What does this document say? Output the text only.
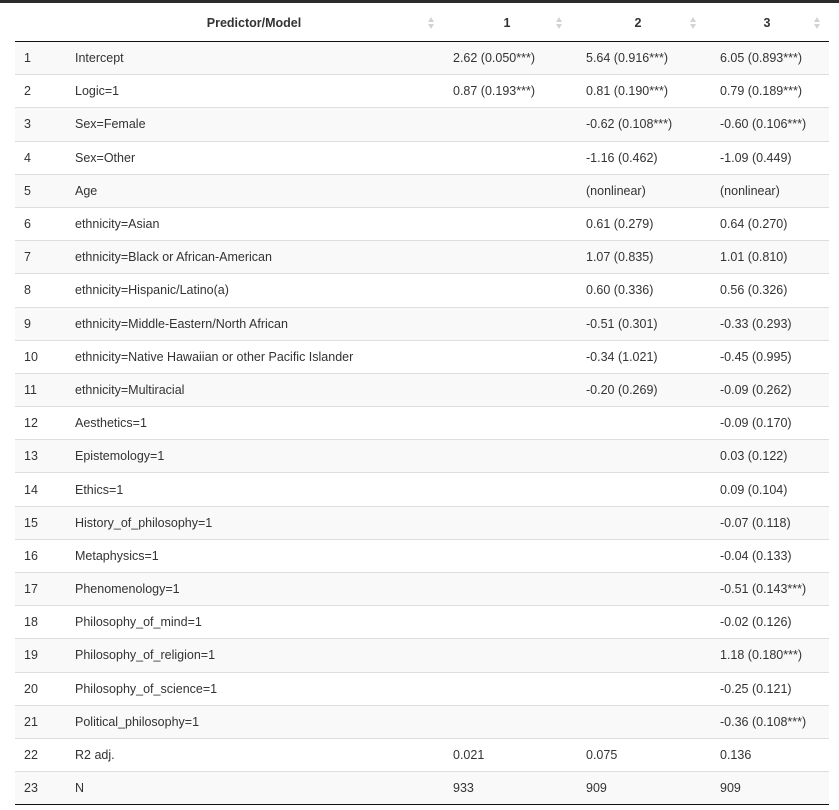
	Predictor/Model	1	2	3

1	Intercept	2.62 (0.050***)	5.64 (0.916***)	6.05 (0.893***)
2	Logic=1	0.87 (0.193***)	0.81 (0.190***)	0.79 (0.189***)
3	Sex=Female		-0.62 (0.108***)	-0.60 (0.106***)
4	Sex=Other		-1.16 (0.462)	-1.09 (0.449)
5	Age		(nonlinear)	(nonlinear)
6	ethnicity=Asian		0.61 (0.279)	0.64 (0.270)
7	ethnicity=Black or African-American		1.07 (0.835)	1.01 (0.810)
8	ethnicity=Hispanic/Latino(a)		0.60 (0.336)	0.56 (0.326)
9	ethnicity=Middle-Eastern/North African		-0.51 (0.301)	-0.33 (0.293)
10	ethnicity=Native Hawaiian or other Pacific Islander		-0.34 (1.021)	-0.45 (0.995)
11	ethnicity=Multiracial		-0.20 (0.269)	-0.09 (0.262)
12	Aesthetics=1			-0.09 (0.170)
13	Epistemology=1			0.03 (0.122)
14	Ethics=1			0.09 (0.104)
15	History_of_philosophy=1			-0.07 (0.118)
16	Metaphysics=1			-0.04 (0.133)
17	Phenomenology=1			-0.51 (0.143***)
18	Philosophy_of_mind=1			-0.02 (0.126)
19	Philosophy_of_religion=1			1.18 (0.180***)
20	Philosophy_of_science=1			-0.25 (0.121)
21	Political_philosophy=1			-0.36 (0.108***)
22	R2 adj.	0.021	0.075	0.136
23	N	933	909	909
